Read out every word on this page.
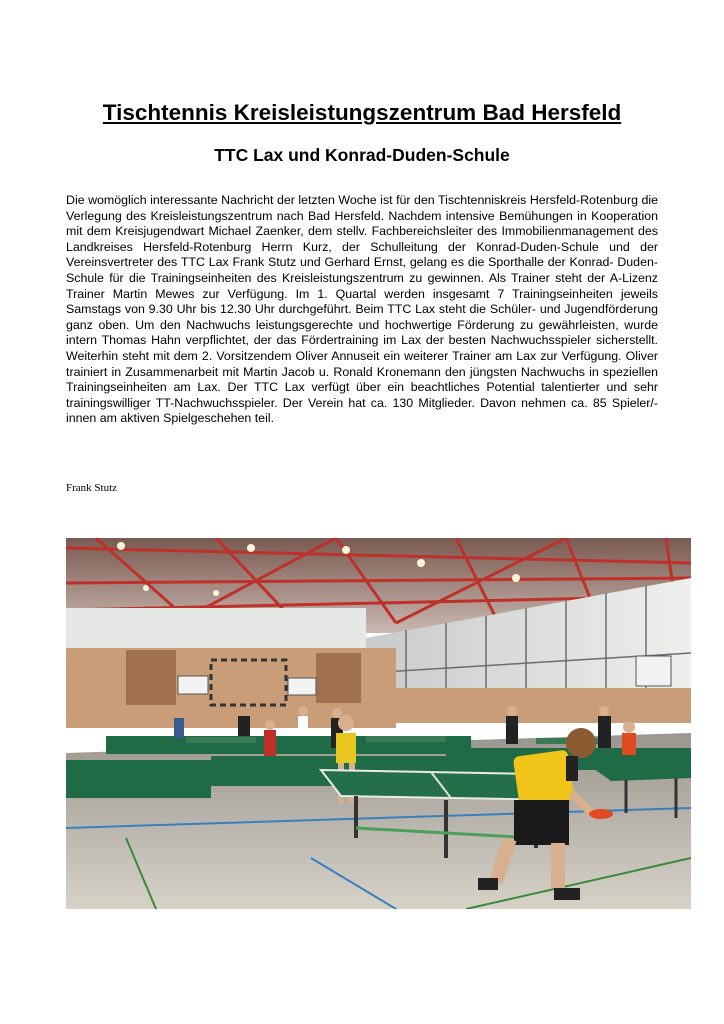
Tischtennis Kreisleistungszentrum Bad Hersfeld
TTC Lax und Konrad-Duden-Schule

Die womöglich interessante Nachricht der letzten Woche ist für den Tischtenniskreis Hersfeld-Rotenburg die Verlegung des Kreisleistungszentrum nach Bad Hersfeld. Nachdem intensive Bemühungen in Kooperation mit dem Kreisjugendwart Michael Zaenker, dem stellv. Fachbereichsleiter des Immobilienmanagement des Landkreises Hersfeld-Rotenburg Herrn Kurz, der Schulleitung der Konrad-Duden-Schule und der Vereinsvertreter des TTC Lax Frank Stutz und Gerhard Ernst, gelang es die Sporthalle der Konrad- Duden- Schule für die Trainingseinheiten des Kreisleistungszentrum zu gewinnen. Als Trainer steht der A-Lizenz Trainer Martin Mewes zur Verfügung. Im 1. Quartal werden insgesamt 7 Trainingseinheiten jeweils Samstags von 9.30 Uhr bis 12.30 Uhr durchgeführt. Beim TTC Lax steht die Schüler- und Jugendförderung ganz oben. Um den Nachwuchs leistungsgerechte und hochwertige Förderung zu gewährleisten, wurde intern Thomas Hahn verpflichtet, der das Fördertraining im Lax der besten Nachwuchsspieler sicherstellt. Weiterhin steht mit dem 2. Vorsitzendem Oliver Annuseit ein weiterer Trainer am Lax zur Verfügung. Oliver trainiert in Zusammenarbeit mit Martin Jacob u. Ronald Kronemann den jüngsten Nachwuchs in speziellen Trainingseinheiten am Lax. Der TTC Lax verfügt über ein beachtliches Potential talentierter und sehr trainingswilliger TT-Nachwuchsspieler. Der Verein hat ca. 130 Mitglieder. Davon nehmen ca. 85 Spieler/-innen am aktiven Spielgeschehen teil.

Frank Stutz
